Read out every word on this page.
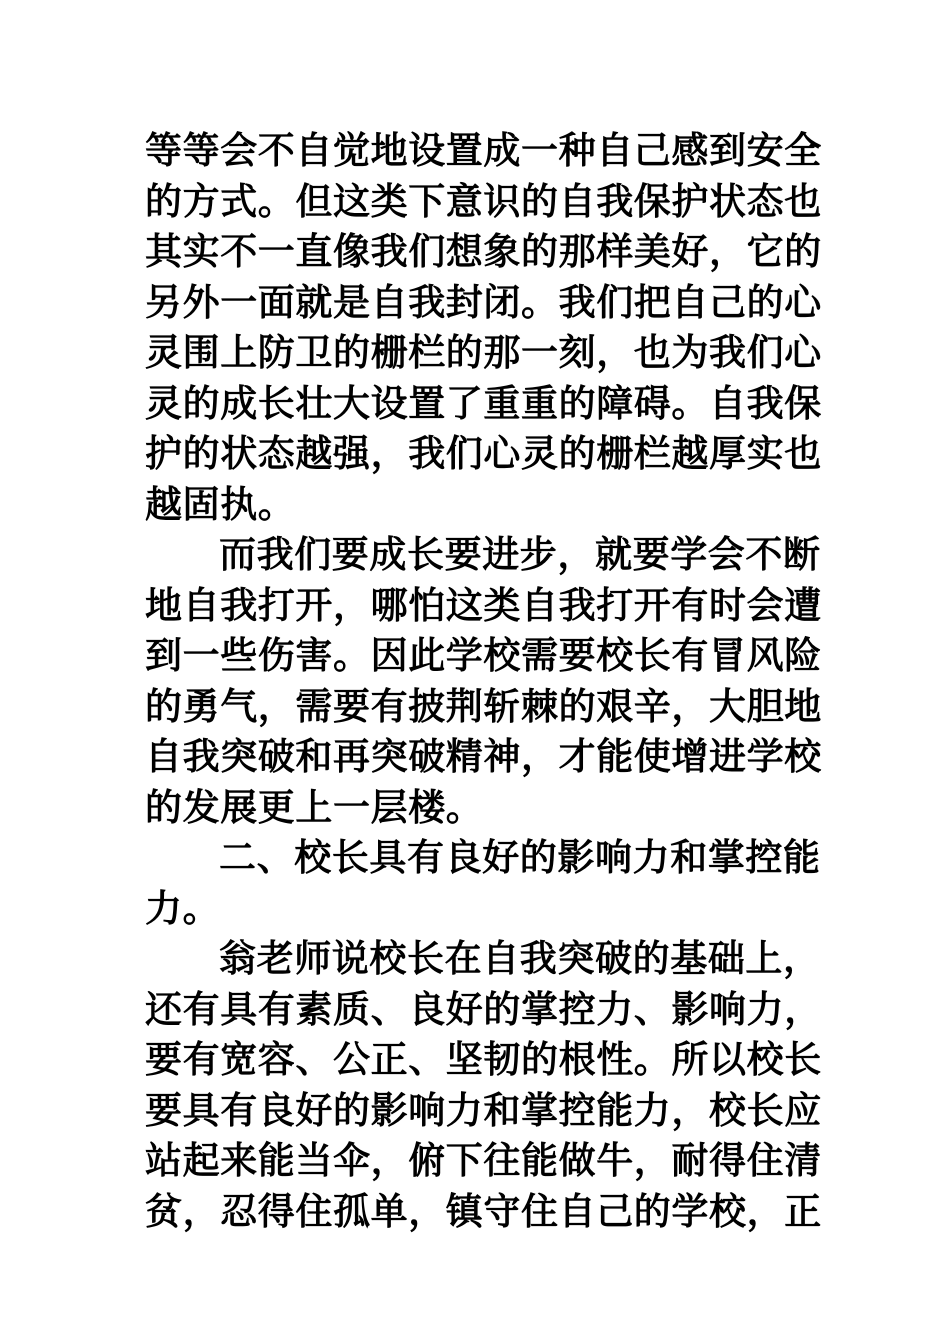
等等会不自觉地设置成一种自己感到安全
的方式。但这类下意识的自我保护状态也
其实不一直像我们想象的那样美好，它的
另外一面就是自我封闭。我们把自己的心
灵围上防卫的栅栏的那一刻，也为我们心
灵的成长壮大设置了重重的障碍。自我保
护的状态越强，我们心灵的栅栏越厚实也
越固执。
而我们要成长要进步，就要学会不断
地自我打开，哪怕这类自我打开有时会遭
到一些伤害。因此学校需要校长有冒风险
的勇气，需要有披荆斩棘的艰辛，大胆地
自我突破和再突破精神，才能使增进学校
的发展更上一层楼。
二、校长具有良好的影响力和掌控能
力。
翁老师说校长在自我突破的基础上，
还有具有素质、良好的掌控力、影响力，
要有宽容、公正、坚韧的根性。所以校长
要具有良好的影响力和掌控能力，校长应
站起来能当伞，俯下往能做牛，耐得住清
贫，忍得住孤单，镇守住自己的学校，正
